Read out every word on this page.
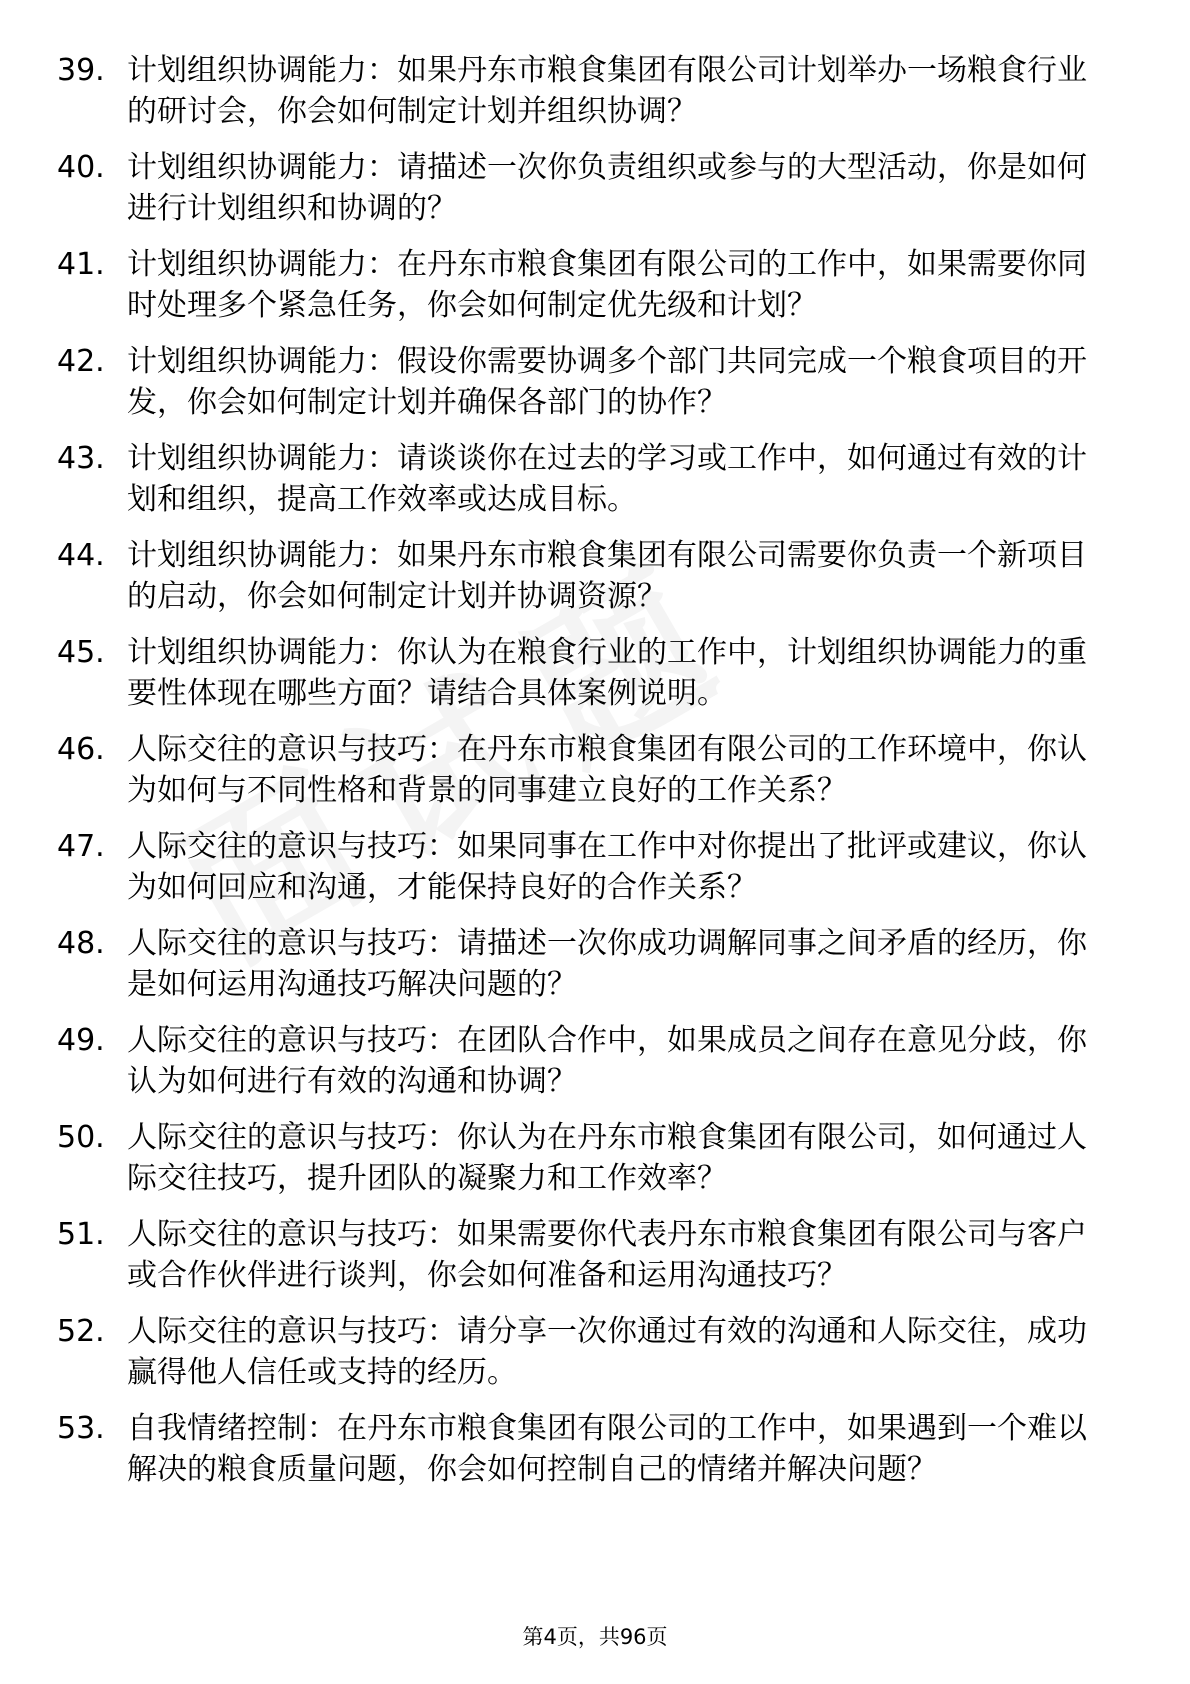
39. 计划组织协调能力：如果丹东市粮食集团有限公司计划举办一场粮食行业的研讨会，你会如何制定计划并组织协调？
40. 计划组织协调能力：请描述一次你负责组织或参与的大型活动，你是如何进行计划组织和协调的？
41. 计划组织协调能力：在丹东市粮食集团有限公司的工作中，如果需要你同时处理多个紧急任务，你会如何制定优先级和计划？
42. 计划组织协调能力：假设你需要协调多个部门共同完成一个粮食项目的开发，你会如何制定计划并确保各部门的协作？
43. 计划组织协调能力：请谈谈你在过去的学习或工作中，如何通过有效的计划和组织，提高工作效率或达成目标。
44. 计划组织协调能力：如果丹东市粮食集团有限公司需要你负责一个新项目的启动，你会如何制定计划并协调资源？
45. 计划组织协调能力：你认为在粮食行业的工作中，计划组织协调能力的重要性体现在哪些方面？请结合具体案例说明。
46. 人际交往的意识与技巧：在丹东市粮食集团有限公司的工作环境中，你认为如何与不同性格和背景的同事建立良好的工作关系？
47. 人际交往的意识与技巧：如果同事在工作中对你提出了批评或建议，你认为如何回应和沟通，才能保持良好的合作关系？
48. 人际交往的意识与技巧：请描述一次你成功调解同事之间矛盾的经历，你是如何运用沟通技巧解决问题的？
49. 人际交往的意识与技巧：在团队合作中，如果成员之间存在意见分歧，你认为如何进行有效的沟通和协调？
50. 人际交往的意识与技巧：你认为在丹东市粮食集团有限公司，如何通过人际交往技巧，提升团队的凝聚力和工作效率？
51. 人际交往的意识与技巧：如果需要你代表丹东市粮食集团有限公司与客户或合作伙伴进行谈判，你会如何准备和运用沟通技巧？
52. 人际交往的意识与技巧：请分享一次你通过有效的沟通和人际交往，成功赢得他人信任或支持的经历。
53. 自我情绪控制：在丹东市粮食集团有限公司的工作中，如果遇到一个难以解决的粮食质量问题，你会如何控制自己的情绪并解决问题？
第4页，共96页
